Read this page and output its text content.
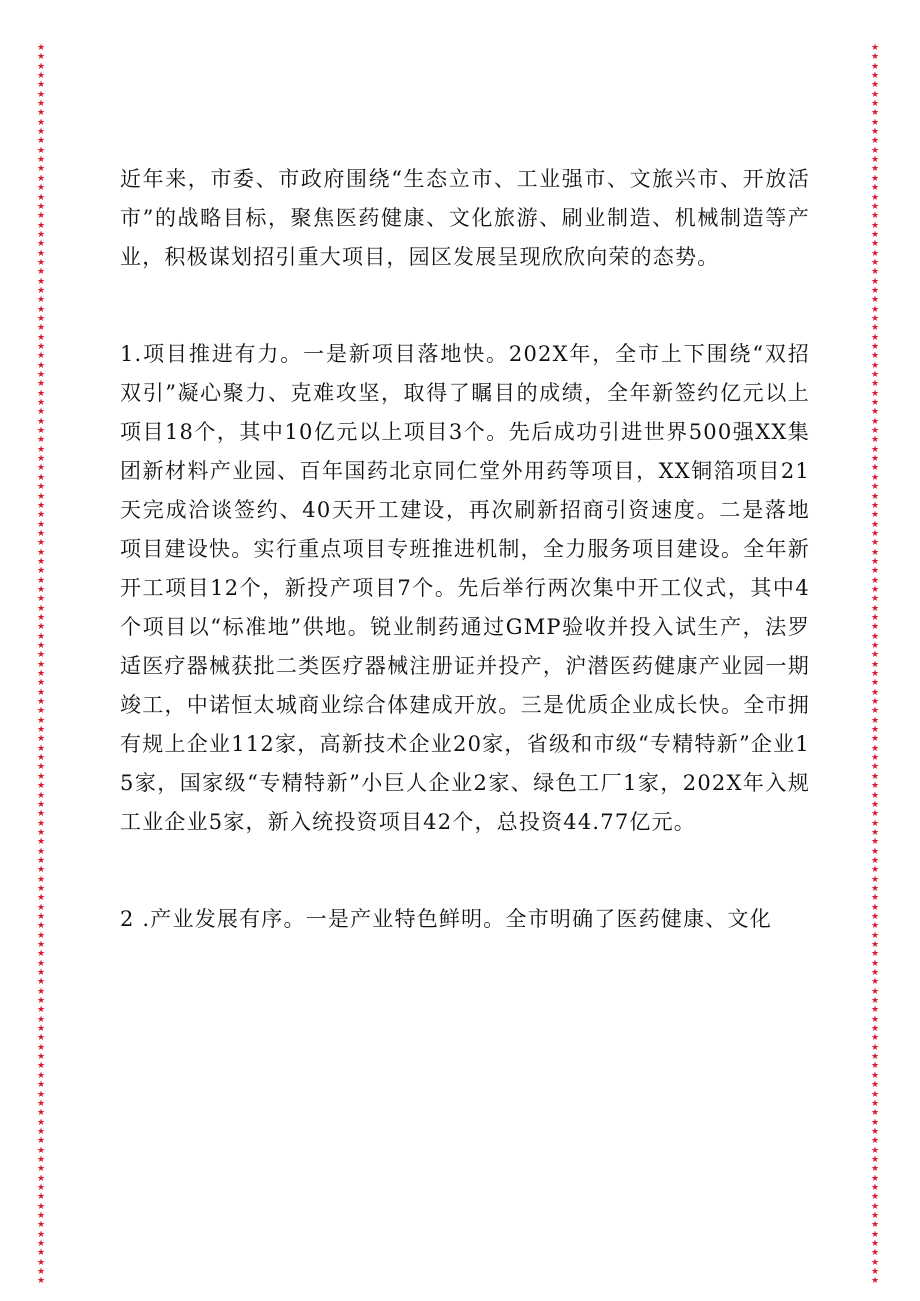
★
★
★
★
★
★
★
★
★
★
★
★
★
★
★
★
★
★
★
★
★
★
★
★
★
★
★
★
★
★
★
★
★
★
★
★
★
★
★
★
★
★
★
★
★
★
★
★
★
★
★
★
★
★
★
★
★
★
★
★
★
★
★
★
★
★
★
★
★
★
★
★
★
★
★
★
★
★
★
★
★
★
★
★
★
★
★
★
★
★
★
★
★
★
★
★
★
★
★
★
★
★
★
★
★
★
★
★
★
★
★
★
★
★
★
★
★
★
★
★
★
★
★
★
★
★
★
★
★
★
★
★
★
★
★
★
★
★
★
★
★
★
★
★
★
★
★
★
★
★
★
★
★
★
★
★
★
★
★
★
★
★
★
★
★
★
★
★
★
★
★
★
★
★
★
★
★
★
★
★
★
★
★
★
★
★
★
★
★
★
★
★
★
★
★
★
★
★
★
★
★
★
★
★
★
★
★
★
★
★
★
★
★
★
★
★
★
★
★
★
★
★
★
★
★
★
★
★
★
★
★
★
★
★
★
★
★
★
★
★
★
★
★
★
★
★
★
★
★
★
★
★
★
★
★
★
★
★
★
★
★
★
★
★
★
★

近年来，市委、市政府围绕“生态立市、工业强市、文旅兴市、开放活市”的战略目标，聚焦医药健康、文化旅游、刷业制造、机械制造等产业，积极谋划招引重大项目，园区发展呈现欣欣向荣的态势。

1.项目推进有力。一是新项目落地快。202X年，全市上下围绕“双招双引”凝心聚力、克难攻坚，取得了瞩目的成绩，全年新签约亿元以上项目18个，其中10亿元以上项目3个。先后成功引进世界500强XX集团新材料产业园、百年国药北京同仁堂外用药等项目，XX铜箔项目21天完成洽谈签约、40天开工建设，再次刷新招商引资速度。二是落地项目建设快。实行重点项目专班推进机制，全力服务项目建设。全年新开工项目12个，新投产项目7个。先后举行两次集中开工仪式，其中4个项目以“标准地”供地。锐业制药通过GMP验收并投入试生产，法罗适医疗器械获批二类医疗器械注册证并投产，沪潜医药健康产业园一期竣工，中诺恒太城商业综合体建成开放。三是优质企业成长快。全市拥有规上企业112家，高新技术企业20家，省级和市级“专精特新”企业15家，国家级“专精特新”小巨人企业2家、绿色工厂1家，202X年入规工业企业5家，新入统投资项目42个，总投资44.77亿元。

2 .产业发展有序。一是产业特色鲜明。全市明确了医药健康、文化
